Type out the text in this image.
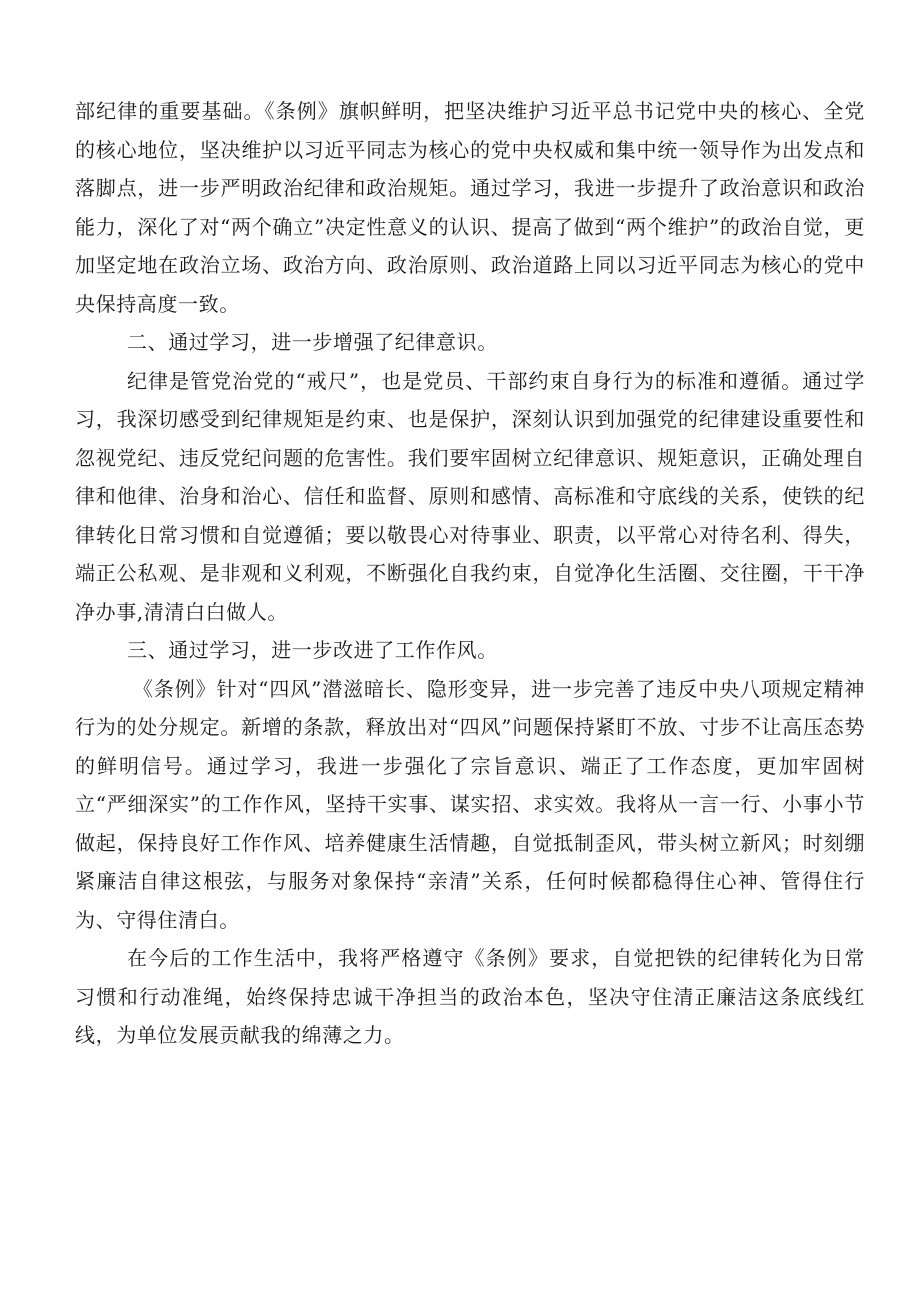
部纪律的重要基础。《条例》旗帜鲜明，把坚决维护习近平总书记党中央的核心、全党的核心地位，坚决维护以习近平同志为核心的党中央权威和集中统一领导作为出发点和落脚点，进一步严明政治纪律和政治规矩。通过学习，我进一步提升了政治意识和政治能力，深化了对“两个确立”决定性意义的认识、提高了做到“两个维护”的政治自觉，更加坚定地在政治立场、政治方向、政治原则、政治道路上同以习近平同志为核心的党中央保持高度一致。

二、通过学习，进一步增强了纪律意识。

纪律是管党治党的“戒尺”，也是党员、干部约束自身行为的标准和遵循。通过学习，我深切感受到纪律规矩是约束、也是保护，深刻认识到加强党的纪律建设重要性和忽视党纪、违反党纪问题的危害性。我们要牢固树立纪律意识、规矩意识，正确处理自律和他律、治身和治心、信任和监督、原则和感情、高标准和守底线的关系，使铁的纪律转化日常习惯和自觉遵循；要以敬畏心对待事业、职责，以平常心对待名利、得失，端正公私观、是非观和义利观，不断强化自我约束，自觉净化生活圈、交往圈，干干净净办事,清清白白做人。

三、通过学习，进一步改进了工作作风。

《条例》针对“四风”潜滋暗长、隐形变异，进一步完善了违反中央八项规定精神行为的处分规定。新增的条款，释放出对“四风”问题保持紧盯不放、寸步不让高压态势的鲜明信号。通过学习，我进一步强化了宗旨意识、端正了工作态度，更加牢固树立“严细深实”的工作作风，坚持干实事、谋实招、求实效。我将从一言一行、小事小节做起，保持良好工作作风、培养健康生活情趣，自觉抵制歪风，带头树立新风；时刻绷紧廉洁自律这根弦，与服务对象保持“亲清”关系，任何时候都稳得住心神、管得住行为、守得住清白。

在今后的工作生活中，我将严格遵守《条例》要求，自觉把铁的纪律转化为日常习惯和行动准绳，始终保持忠诚干净担当的政治本色，坚决守住清正廉洁这条底线红线，为单位发展贡献我的绵薄之力。
